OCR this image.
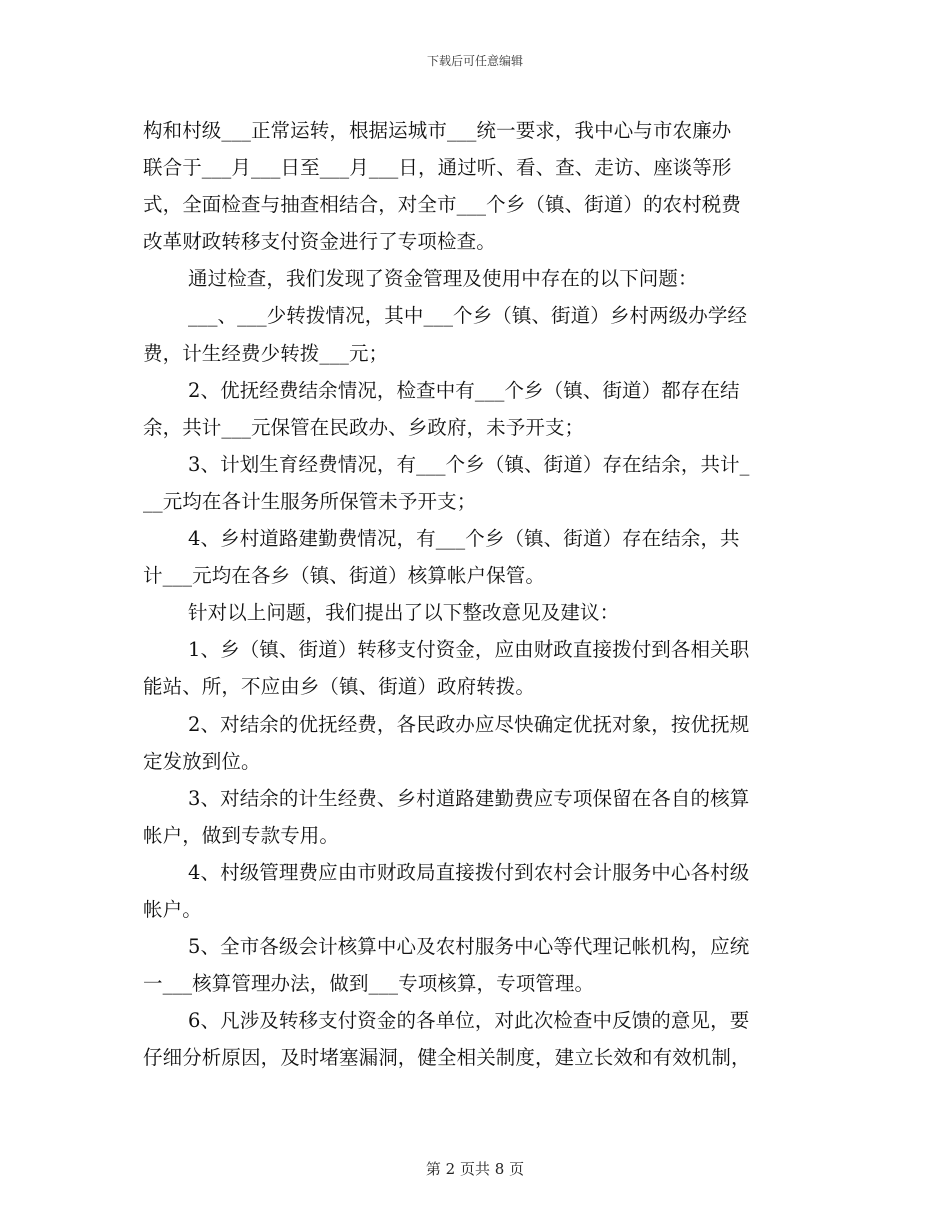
下载后可任意编辑
构和村级___正常运转，根据运城市___统一要求，我中心与市农廉办
联合于___月___日至___月___日，通过听、看、查、走访、座谈等形
式，全面检查与抽查相结合，对全市___个乡（镇、街道）的农村税费
改革财政转移支付资金进行了专项检查。
通过检查，我们发现了资金管理及使用中存在的以下问题：
___、___少转拨情况，其中___个乡（镇、街道）乡村两级办学经
费，计生经费少转拨___元；
2、优抚经费结余情况，检查中有___个乡（镇、街道）都存在结
余，共计___元保管在民政办、乡政府，未予开支；
3、计划生育经费情况，有___个乡（镇、街道）存在结余，共计_
__元均在各计生服务所保管未予开支；
4、乡村道路建勤费情况，有___个乡（镇、街道）存在结余，共
计___元均在各乡（镇、街道）核算帐户保管。
针对以上问题，我们提出了以下整改意见及建议：
1、乡（镇、街道）转移支付资金，应由财政直接拨付到各相关职
能站、所，不应由乡（镇、街道）政府转拨。
2、对结余的优抚经费，各民政办应尽快确定优抚对象，按优抚规
定发放到位。
3、对结余的计生经费、乡村道路建勤费应专项保留在各自的核算
帐户，做到专款专用。
4、村级管理费应由市财政局直接拨付到农村会计服务中心各村级
帐户。
5、全市各级会计核算中心及农村服务中心等代理记帐机构，应统
一___核算管理办法，做到___专项核算，专项管理。
6、凡涉及转移支付资金的各单位，对此次检查中反馈的意见，要
仔细分析原因，及时堵塞漏洞，健全相关制度，建立长效和有效机制，
第 2 页共 8 页
